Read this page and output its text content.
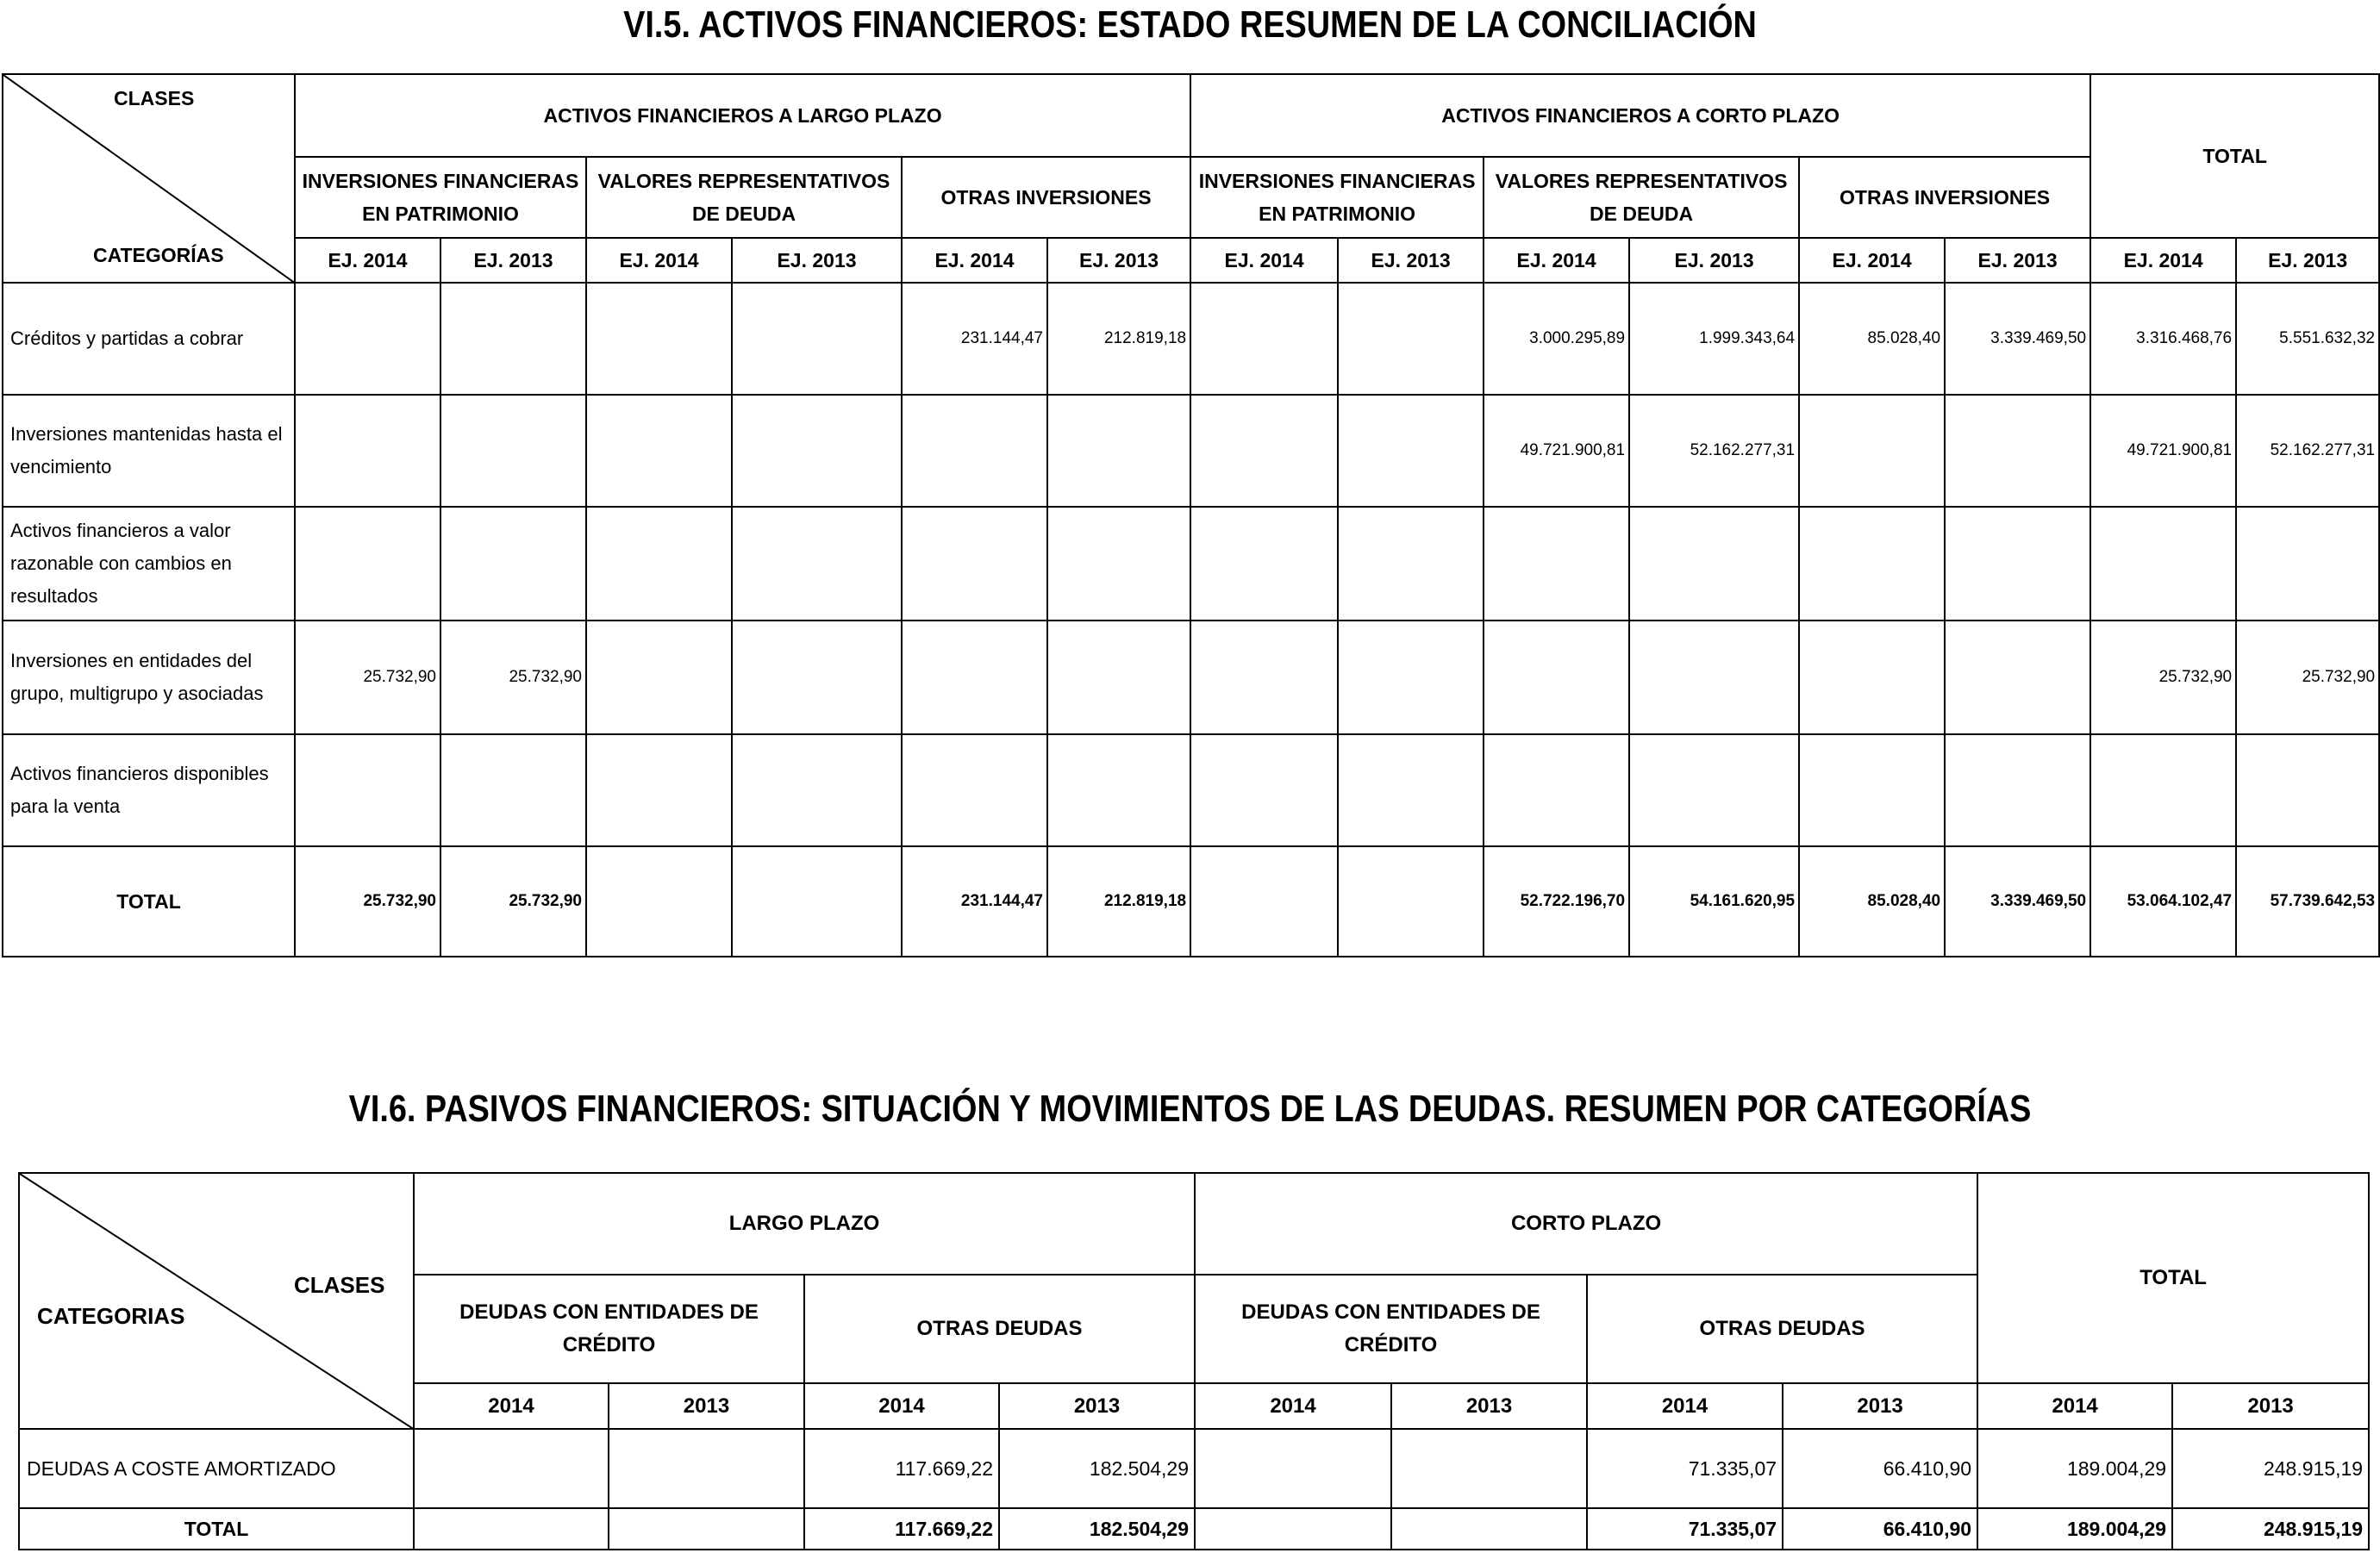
VI.5. ACTIVOS FINANCIEROS: ESTADO RESUMEN DE LA CONCILIACIÓN
CLASES
CATEGORÍAS	ACTIVOS FINANCIEROS A LARGO PLAZO						ACTIVOS FINANCIEROS A CORTO PLAZO						TOTAL	
	INVERSIONES FINANCIERAS EN PATRIMONIO		VALORES REPRESENTATIVOS DE DEUDA		OTRAS INVERSIONES		INVERSIONES FINANCIERAS EN PATRIMONIO		VALORES REPRESENTATIVOS DE DEUDA		OTRAS INVERSIONES			
	EJ. 2014	EJ. 2013	EJ. 2014	EJ. 2013	EJ. 2014	EJ. 2013	EJ. 2014	EJ. 2013	EJ. 2014	EJ. 2013	EJ. 2014	EJ. 2013	EJ. 2014	EJ. 2013
Créditos y partidas a cobrar					231.144,47	212.819,18			3.000.295,89	1.999.343,64	85.028,40	3.339.469,50	3.316.468,76	5.551.632,32
Inversiones mantenidas hasta el vencimiento									49.721.900,81	52.162.277,31			49.721.900,81	52.162.277,31
Activos financieros a valor razonable con cambios en resultados														
Inversiones en entidades del grupo, multigrupo y asociadas	25.732,90	25.732,90											25.732,90	25.732,90
Activos financieros disponibles para la venta														
TOTAL	25.732,90	25.732,90			231.144,47	212.819,18			52.722.196,70	54.161.620,95	85.028,40	3.339.469,50	53.064.102,47	57.739.642,53
VI.6. PASIVOS FINANCIEROS: SITUACIÓN Y MOVIMIENTOS DE LAS DEUDAS. RESUMEN POR CATEGORÍAS
CLASES
CATEGORIAS	LARGO PLAZO				CORTO PLAZO				TOTAL	
	DEUDAS CON ENTIDADES DE CRÉDITO		OTRAS DEUDAS		DEUDAS CON ENTIDADES DE CRÉDITO		OTRAS DEUDAS			
	2014	2013	2014	2013	2014	2013	2014	2013	2014	2013
DEUDAS A COSTE AMORTIZADO			117.669,22	182.504,29			71.335,07	66.410,90	189.004,29	248.915,19
TOTAL			117.669,22	182.504,29			71.335,07	66.410,90	189.004,29	248.915,19
